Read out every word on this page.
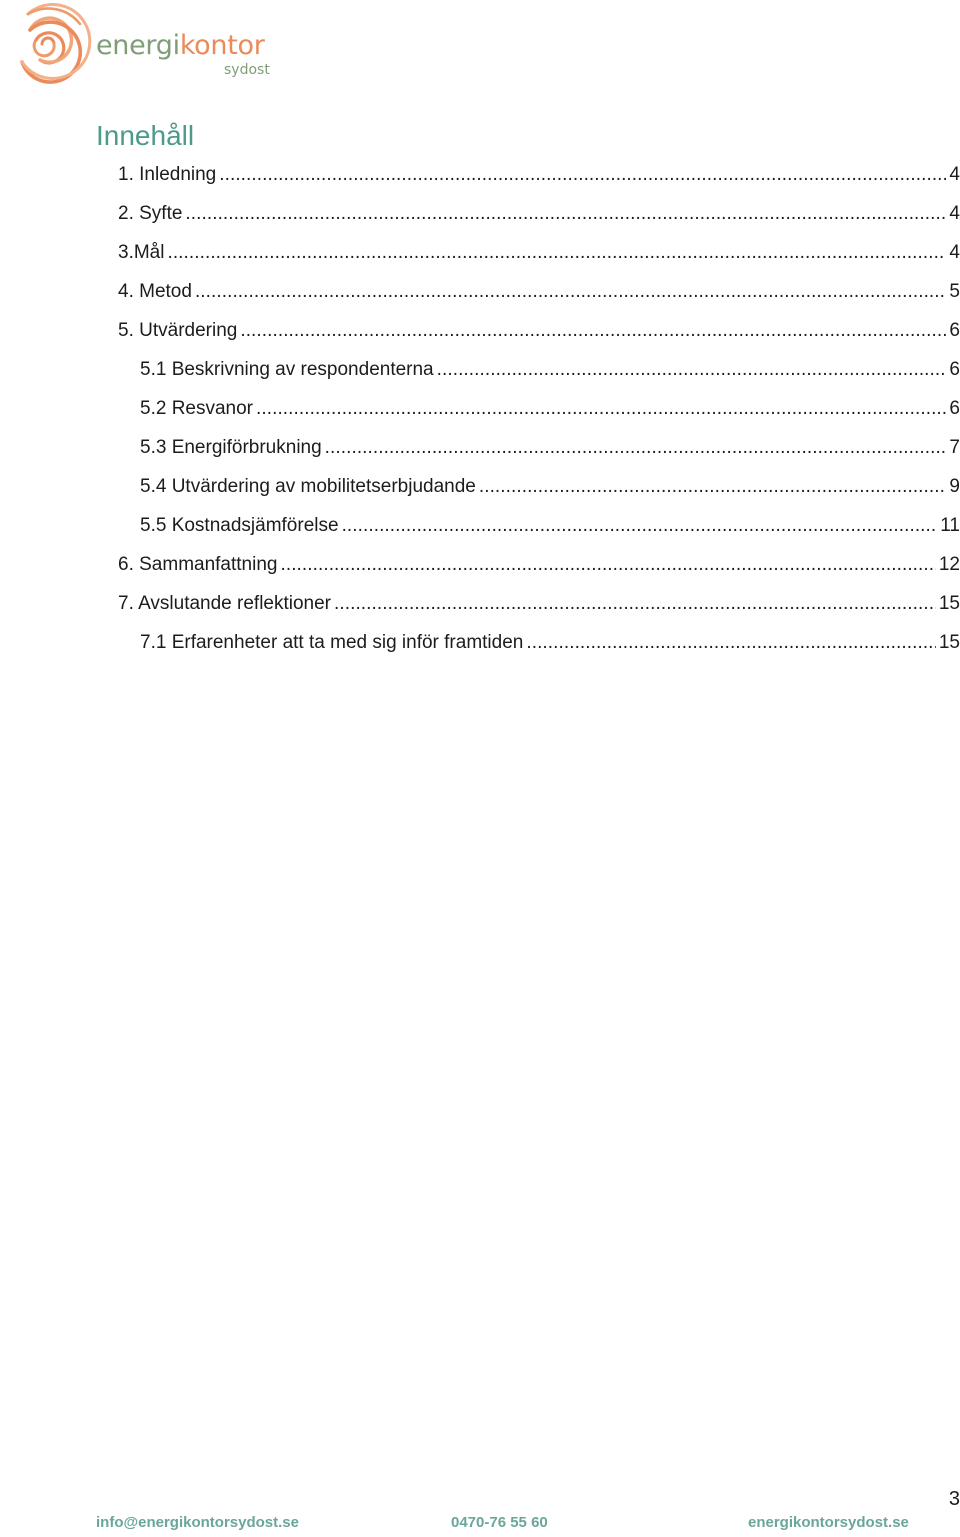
energikontor
sydost
Innehåll
1. Inledning . . .	4
2. Syfte . . .	4
3.Mål . . .	4
4. Metod . . .	5
5. Utvärdering . . .	6
5.1 Beskrivning av respondenterna . . .	6
5.2 Resvanor . . .	6
5.3 Energiförbrukning . . .	7
5.4 Utvärdering av mobilitetserbjudande . . .	9
5.5 Kostnadsjämförelse . . .	11
6. Sammanfattning . . .	12
7. Avslutande reflektioner . . .	15
7.1 Erfarenheter att ta med sig inför framtiden . . .	15
3
info@energikontorsydost.se	0470-76 55 60	energikontorsydost.se
